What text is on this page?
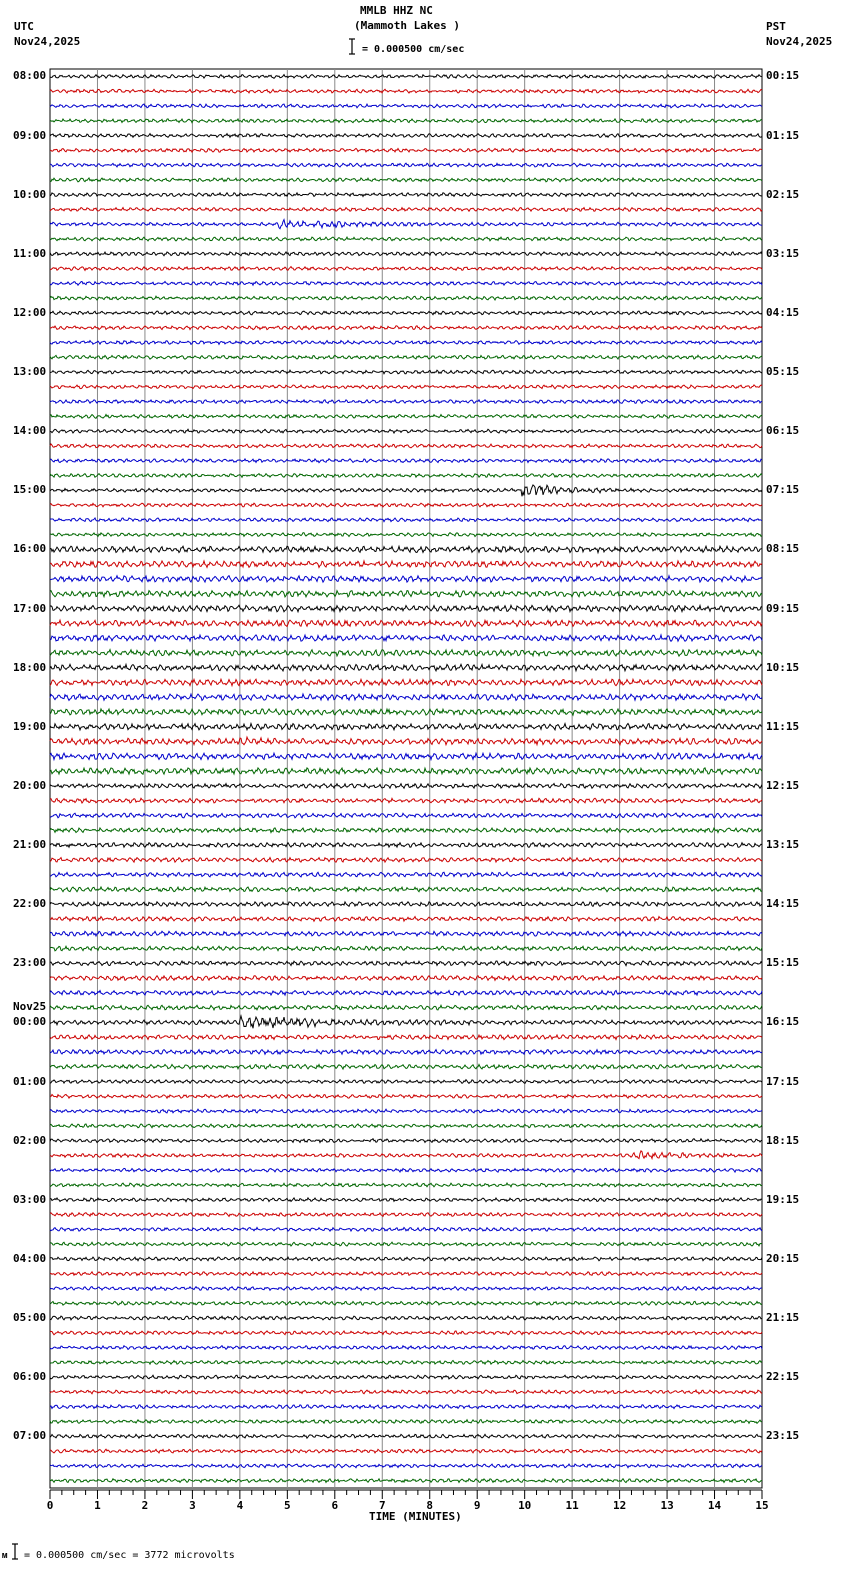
MMLB HHZ NC
(Mammoth Lakes )
UTC
Nov24,2025
PST
Nov24,2025
= 0.000500 cm/sec
08:00
09:00
10:00
11:00
12:00
13:00
14:00
15:00
16:00
17:00
18:00
19:00
20:00
21:00
22:00
23:00
00:00
Nov25
01:00
02:00
03:00
04:00
05:00
06:00
07:00
00:15
01:15
02:15
03:15
04:15
05:15
06:15
07:15
08:15
09:15
10:15
11:15
12:15
13:15
14:15
15:15
16:15
17:15
18:15
19:15
20:15
21:15
22:15
23:15
0	1	2	3	4	5	6	7	8	9	10	11	12	13	14	15
TIME (MINUTES)
ᴍ = 0.000500 cm/sec = 3772 microvolts
